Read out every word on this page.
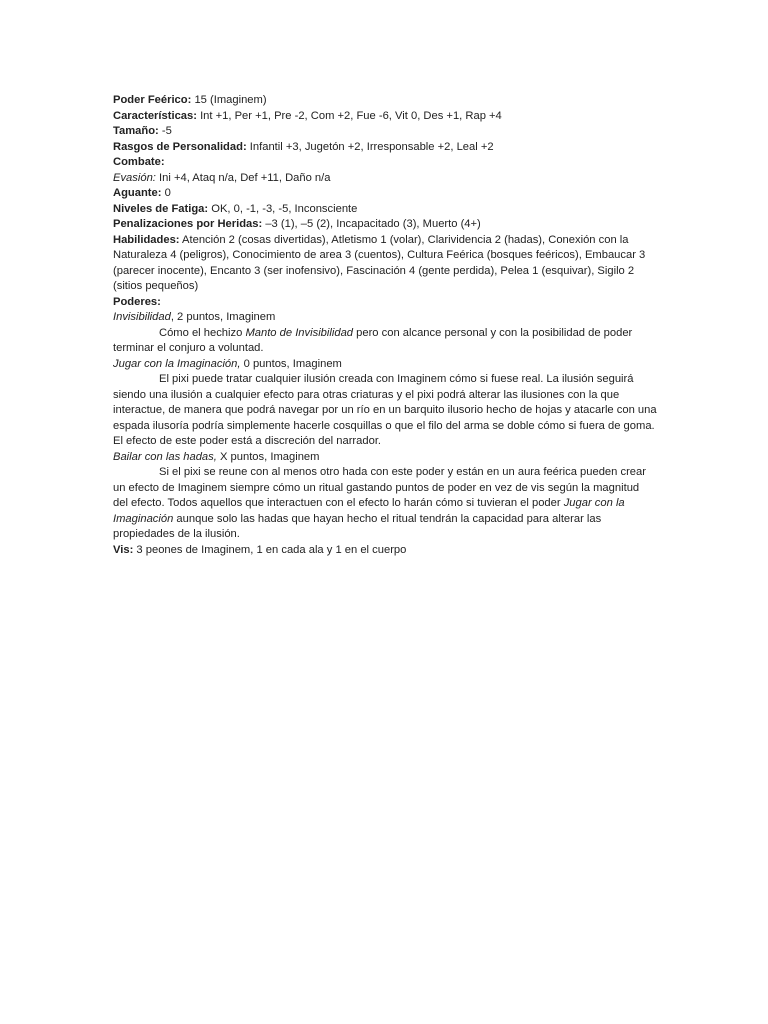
Poder Feérico: 15 (Imaginem)

Características: Int +1, Per +1, Pre -2, Com +2, Fue -6, Vit 0, Des +1, Rap +4

Tamaño: -5

Rasgos de Personalidad: Infantil +3, Jugetón +2, Irresponsable +2, Leal +2

Combate:

Evasión: Ini +4, Ataq n/a, Def +11, Daño n/a

Aguante: 0

Niveles de Fatiga: OK, 0, -1, -3, -5, Inconsciente

Penalizaciones por Heridas: –3 (1), –5 (2), Incapacitado (3), Muerto (4+)

Habilidades: Atención 2 (cosas divertidas), Atletismo 1 (volar), Clarividencia 2 (hadas), Conexión con la Naturaleza 4 (peligros), Conocimiento de area 3 (cuentos), Cultura Feérica (bosques feéricos), Embaucar 3 (parecer inocente), Encanto 3 (ser inofensivo), Fascinación 4 (gente perdida), Pelea 1 (esquivar), Sigilo 2 (sitios pequeños)

Poderes:

Invisibilidad, 2 puntos, Imaginem

Cómo el hechizo Manto de Invisibilidad pero con alcance personal y con la posibilidad de poder terminar el conjuro a voluntad.

Jugar con la Imaginación, 0 puntos, Imaginem

El pixi puede tratar cualquier ilusión creada con Imaginem cómo si fuese real. La ilusión seguirá siendo una ilusión a cualquier efecto para otras criaturas y el pixi podrá alterar las ilusiones con la que interactue, de manera que podrá navegar por un río en un barquito ilusorio hecho de hojas y atacarle con una espada ilusoría podría simplemente hacerle cosquillas o que el filo del arma se doble cómo si fuera de goma. El efecto de este poder está a discreción del narrador.

Bailar con las hadas, X puntos, Imaginem

Si el pixi se reune con al menos otro hada con este poder y están en un aura feérica pueden crear un efecto de Imaginem siempre cómo un ritual gastando puntos de poder en vez de vis según la magnitud del efecto. Todos aquellos que interactuen con el efecto lo harán cómo si tuvieran el poder Jugar con la Imaginación aunque solo las hadas que hayan hecho el ritual tendrán la capacidad para alterar las propiedades de la ilusión.

Vis: 3 peones de Imaginem, 1 en cada ala y 1 en el cuerpo
